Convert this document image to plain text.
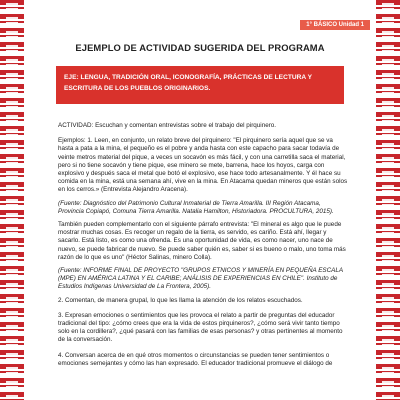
1° BÁSICO Unidad 1
EJEMPLO DE ACTIVIDAD SUGERIDA DEL PROGRAMA
EJE: LENGUA, TRADICIÓN ORAL, ICONOGRAFÍA, PRÁCTICAS DE LECTURA Y ESCRITURA DE LOS PUEBLOS ORIGINARIOS.

ACTIVIDAD: Escuchan y comentan entrevistas sobre el trabajo del pirquinero.

Ejemplos: 1. Leen, en conjunto, un relato breve del pirquinero: "El pirquinero sería aquel que se va hasta a pata a la mina, el pequeño es el pobre y anda hasta con este capacho para sacar todavía de veinte metros material del pique, a veces un socavón es más fácil, y con una carretilla saca el material, pero si no tiene socavón y tiene pique, ese minero se mete, barrena, hace los hoyos, carga con explosivo y después saca el metal que botó el explosivo, ese hace todo artesanalmente. Y él hace su comida en la mina, está una semana ahí, vive en la mina. En Atacama quedan mineros que están solos en los cerros.» (Entrevista Alejandro Aracena).

(Fuente: Diagnóstico del Patrimonio Cultural Inmaterial de Tierra Amarilla. III Región Atacama, Provincia Copiapó, Comuna Tierra Amarilla. Natalia Hamilton, Historiadora. PROCULTURA, 2015).

También pueden complementarlo con el siguiente párrafo entrevista: "El mineral es algo que le puede mostrar muchas cosas. Es recoger un regalo de la tierra, es servido, es cariño. Está ahí, llegar y sacarlo. Está listo, es como una ofrenda. Es una oportunidad de vida, es como nacer, uno nace de nuevo, se puede fabricar de nuevo. Se puede saber quién es, saber si es bueno o malo, uno toma más razón de lo que es uno" (Héctor Salinas, minero Colla).

(Fuente: INFORME FINAL DE PROYECTO "GRUPOS ETNICOS Y MINERÍA EN PEQUEÑA ESCALA (MPE) EN AMÉRICA LATINA Y EL CARIBE; ANÁLISIS DE EXPERIENCIAS EN CHILE". Instituto de Estudios Indígenas Universidad de La Frontera, 2005).

2. Comentan, de manera grupal, lo que les llama la atención de los relatos escuchados.

3. Expresan emociones o sentimientos que les provoca el relato a partir de preguntas del educador tradicional del tipo: ¿cómo crees que era la vida de estos pirquineros?, ¿cómo será vivir tanto tiempo solo en la cordillera?, ¿qué pasará con las familias de esas personas? y otras pertinentes al momento de la conversación.

4. Conversan acerca de en qué otros momentos o circunstancias se pueden tener sentimientos o emociones semejantes y cómo las han expresado. El educador tradicional promueve el diálogo de
